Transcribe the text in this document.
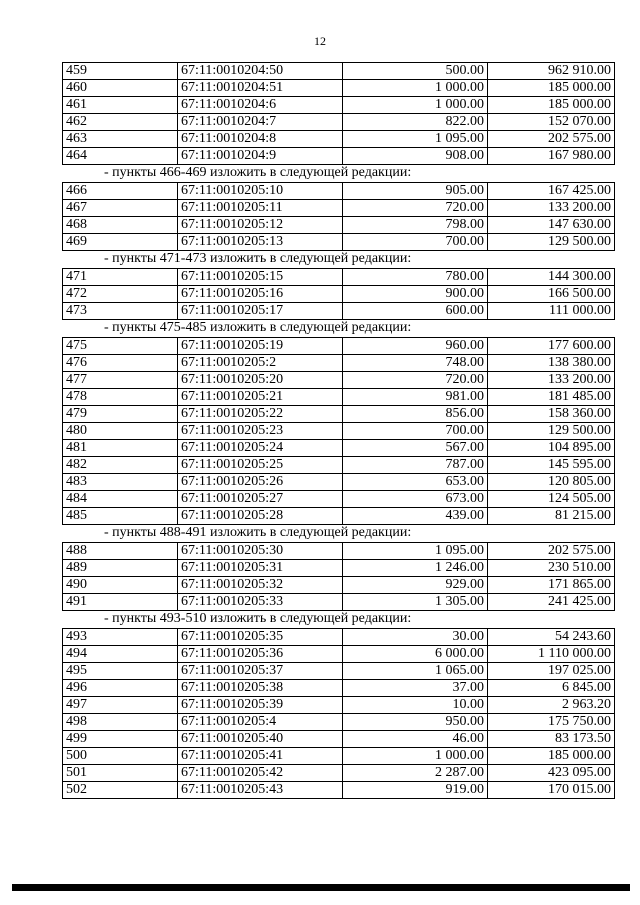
12
459	67:11:0010204:50	500.00	962 910.00
460	67:11:0010204:51	1 000.00	185 000.00
461	67:11:0010204:6	1 000.00	185 000.00
462	67:11:0010204:7	822.00	152 070.00
463	67:11:0010204:8	1 095.00	202 575.00
464	67:11:0010204:9	908.00	167 980.00
- пункты 466-469 изложить в следующей редакции:
466	67:11:0010205:10	905.00	167 425.00
467	67:11:0010205:11	720.00	133 200.00
468	67:11:0010205:12	798.00	147 630.00
469	67:11:0010205:13	700.00	129 500.00
- пункты 471-473 изложить в следующей редакции:
471	67:11:0010205:15	780.00	144 300.00
472	67:11:0010205:16	900.00	166 500.00
473	67:11:0010205:17	600.00	111 000.00
- пункты 475-485 изложить в следующей редакции:
475	67:11:0010205:19	960.00	177 600.00
476	67:11:0010205:2	748.00	138 380.00
477	67:11:0010205:20	720.00	133 200.00
478	67:11:0010205:21	981.00	181 485.00
479	67:11:0010205:22	856.00	158 360.00
480	67:11:0010205:23	700.00	129 500.00
481	67:11:0010205:24	567.00	104 895.00
482	67:11:0010205:25	787.00	145 595.00
483	67:11:0010205:26	653.00	120 805.00
484	67:11:0010205:27	673.00	124 505.00
485	67:11:0010205:28	439.00	81 215.00
- пункты 488-491 изложить в следующей редакции:
488	67:11:0010205:30	1 095.00	202 575.00
489	67:11:0010205:31	1 246.00	230 510.00
490	67:11:0010205:32	929.00	171 865.00
491	67:11:0010205:33	1 305.00	241 425.00
- пункты 493-510 изложить в следующей редакции:
493	67:11:0010205:35	30.00	54 243.60
494	67:11:0010205:36	6 000.00	1 110 000.00
495	67:11:0010205:37	1 065.00	197 025.00
496	67:11:0010205:38	37.00	6 845.00
497	67:11:0010205:39	10.00	2 963.20
498	67:11:0010205:4	950.00	175 750.00
499	67:11:0010205:40	46.00	83 173.50
500	67:11:0010205:41	1 000.00	185 000.00
501	67:11:0010205:42	2 287.00	423 095.00
502	67:11:0010205:43	919.00	170 015.00
